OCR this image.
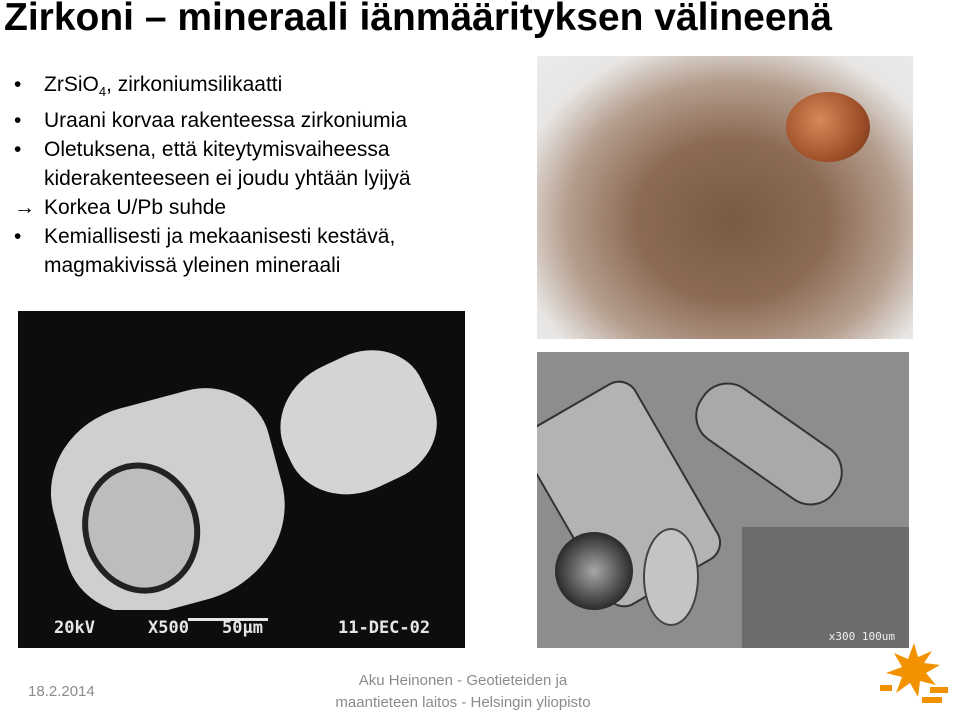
Zirkoni – mineraali iänmäärityksen välineenä
• ZrSiO$_4$, zirkoniumsilikaatti
• Uraani korvaa rakenteessa zirkoniumia
• Oletuksena, että kiteytymisvaiheessa
kiderakenteeseen ei joudu yhtään lyijyä
→ Korkea U/Pb suhde
• Kemiallisesti ja mekaanisesti kestävä,
magmakivissä yleinen mineraali
20kV	X500 50μm	11-DEC-02	x300 100um
18.2.2014
Aku Heinonen - Geotieteiden ja
maantieteen laitos - Helsingin yliopisto
